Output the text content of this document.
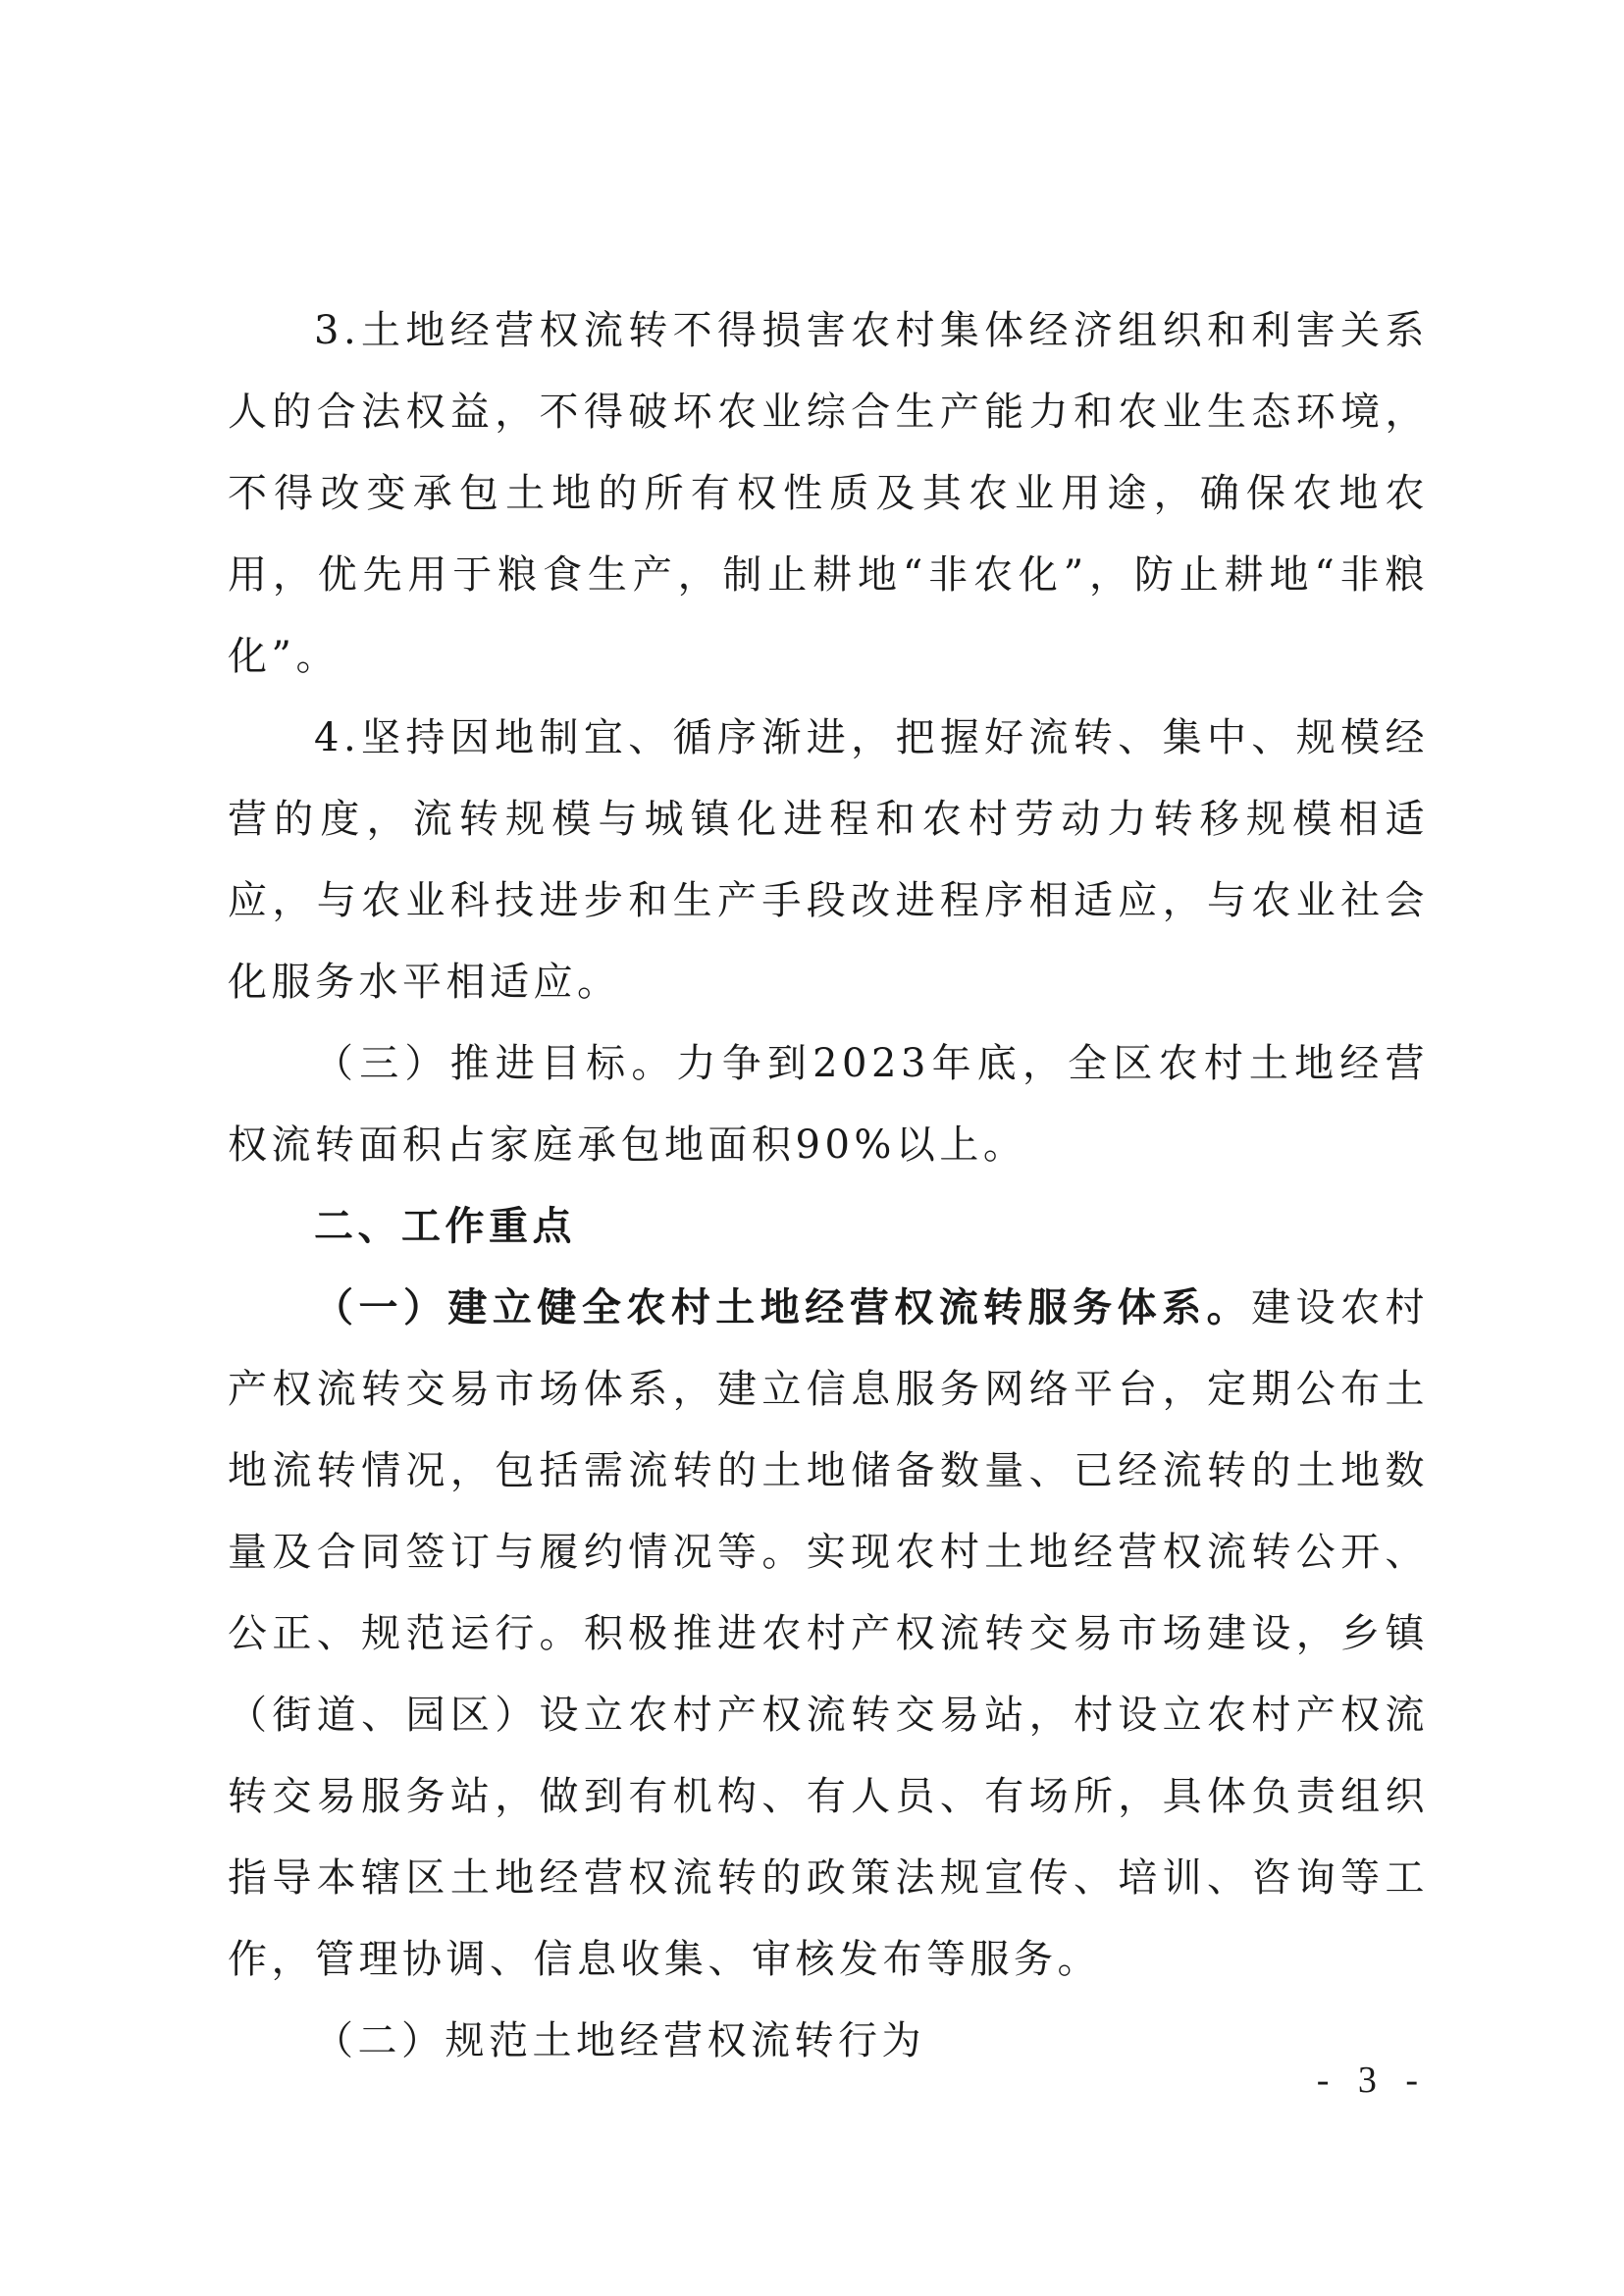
3.土地经营权流转不得损害农村集体经济组织和利害关系人的合法权益，不得破坏农业综合生产能力和农业生态环境，不得改变承包土地的所有权性质及其农业用途，确保农地农用，优先用于粮食生产，制止耕地“非农化”，防止耕地“非粮化”。

4.坚持因地制宜、循序渐进，把握好流转、集中、规模经营的度，流转规模与城镇化进程和农村劳动力转移规模相适应，与农业科技进步和生产手段改进程序相适应，与农业社会化服务水平相适应。

（三）推进目标。力争到2023年底，全区农村土地经营权流转面积占家庭承包地面积90%以上。

二、工作重点

（一）建立健全农村土地经营权流转服务体系。建设农村产权流转交易市场体系，建立信息服务网络平台，定期公布土地流转情况，包括需流转的土地储备数量、已经流转的土地数量及合同签订与履约情况等。实现农村土地经营权流转公开、公正、规范运行。积极推进农村产权流转交易市场建设，乡镇（街道、园区）设立农村产权流转交易站，村设立农村产权流转交易服务站，做到有机构、有人员、有场所，具体负责组织指导本辖区土地经营权流转的政策法规宣传、培训、咨询等工作，管理协调、信息收集、审核发布等服务。

（二）规范土地经营权流转行为

- 3 -
